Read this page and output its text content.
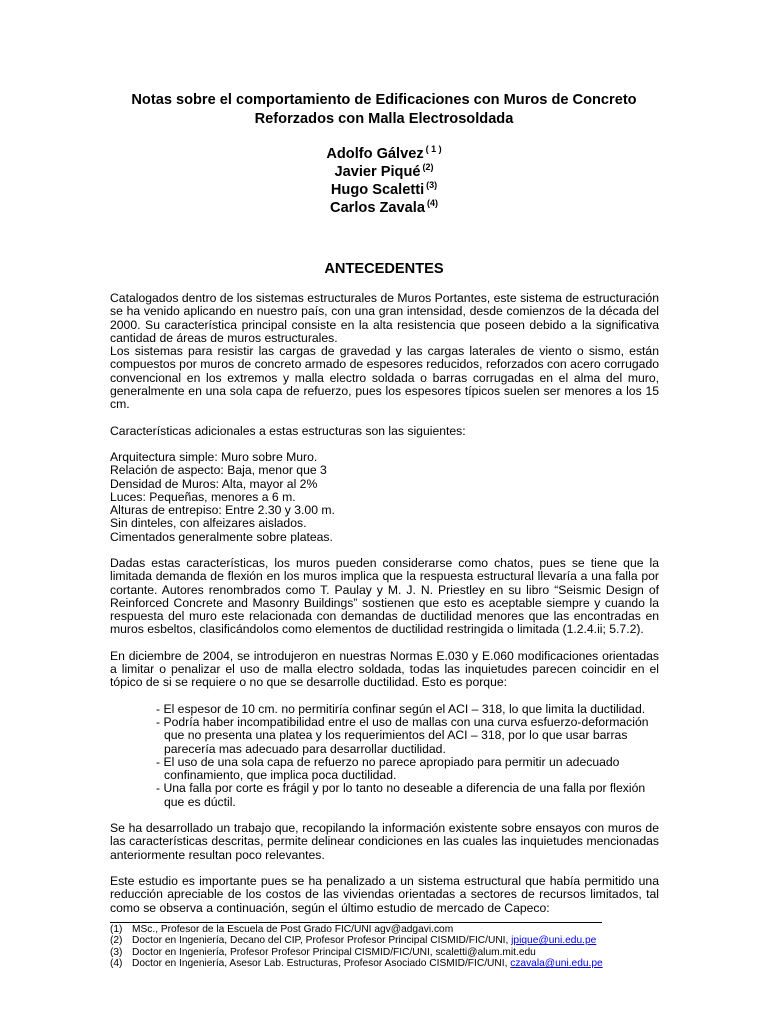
Notas sobre el comportamiento de Edificaciones con Muros de Concreto
Reforzados con Malla Electrosoldada
Adolfo Gálvez $^{( 1 )}$
Javier Piqué $^{(2)}$
Hugo Scaletti $^{(3)}$
Carlos Zavala $^{(4)}$
ANTECEDENTES

Catalogados dentro de los sistemas estructurales de Muros Portantes, este sistema de estructuración se ha venido aplicando en nuestro país, con una gran intensidad, desde comienzos de la década del 2000. Su característica principal consiste en la alta resistencia que poseen debido a la significativa cantidad de áreas de muros estructurales.

Los sistemas para resistir las cargas de gravedad y las cargas laterales de viento o sismo, están compuestos por muros de concreto armado de espesores reducidos, reforzados con acero corrugado convencional en los extremos y malla electro soldada o barras corrugadas en el alma del muro, generalmente en una sola capa de refuerzo, pues los espesores típicos suelen ser menores a los 15 cm.

Características adicionales a estas estructuras son las siguientes:

Arquitectura simple: Muro sobre Muro.

Relación de aspecto: Baja, menor que 3

Densidad de Muros: Alta, mayor al 2%

Luces: Pequeñas, menores a 6 m.

Alturas de entrepiso: Entre 2.30 y 3.00 m.

Sin dinteles, con alfeizares aislados.

Cimentados generalmente sobre plateas.

Dadas estas características, los muros pueden considerarse como chatos, pues se tiene que la limitada demanda de flexión en los muros implica que la respuesta estructural llevaría a una falla por cortante. Autores renombrados como T. Paulay y M. J. N. Priestley en su libro “Seismic Design of Reinforced Concrete and Masonry Buildings” sostienen que esto es aceptable siempre y cuando la respuesta del muro este relacionada con demandas de ductilidad menores que las encontradas en muros esbeltos, clasificándolos como elementos de ductilidad restringida o limitada (1.2.4.ii; 5.7.2).

En diciembre de 2004, se introdujeron en nuestras Normas E.030 y E.060 modificaciones orientadas a limitar o penalizar el uso de malla electro soldada, todas las inquietudes parecen coincidir en el tópico de si se requiere o no que se desarrolle ductilidad. Esto es porque:

- El espesor de 10 cm. no permitiría confinar según el ACI – 318, lo que limita la ductilidad.
- Podría haber incompatibilidad entre el uso de mallas con una curva esfuerzo-deformación que no presenta una platea y los requerimientos del ACI – 318, por lo que usar barras parecería mas adecuado para desarrollar ductilidad.
- El uso de una sola capa de refuerzo no parece apropiado para permitir un adecuado confinamiento, que implica poca ductilidad.
- Una falla por corte es frágil y por lo tanto no deseable a diferencia de una falla por flexión que es dúctil.

Se ha desarrollado un trabajo que, recopilando la información existente sobre ensayos con muros de las características descritas, permite delinear condiciones en las cuales las inquietudes mencionadas anteriormente resultan poco relevantes.

Este estudio es importante pues se ha penalizado a un sistema estructural que había permitido una reducción apreciable de los costos de las viviendas orientadas a sectores de recursos limitados, tal como se observa a continuación, según el último estudio de mercado de Capeco:

(1) MSc., Profesor de la Escuela de Post Grado FIC/UNI agv@adgavi.com
(2) Doctor en Ingeniería, Decano del CIP, Profesor Profesor Principal CISMID/FIC/UNI, jpique@uni.edu.pe
(3) Doctor en Ingeniería, Profesor Profesor Principal CISMID/FIC/UNI, scaletti@alum.mit.edu
(4) Doctor en Ingeniería, Asesor Lab. Estructuras, Profesor Asociado CISMID/FIC/UNI, czavala@uni.edu.pe
